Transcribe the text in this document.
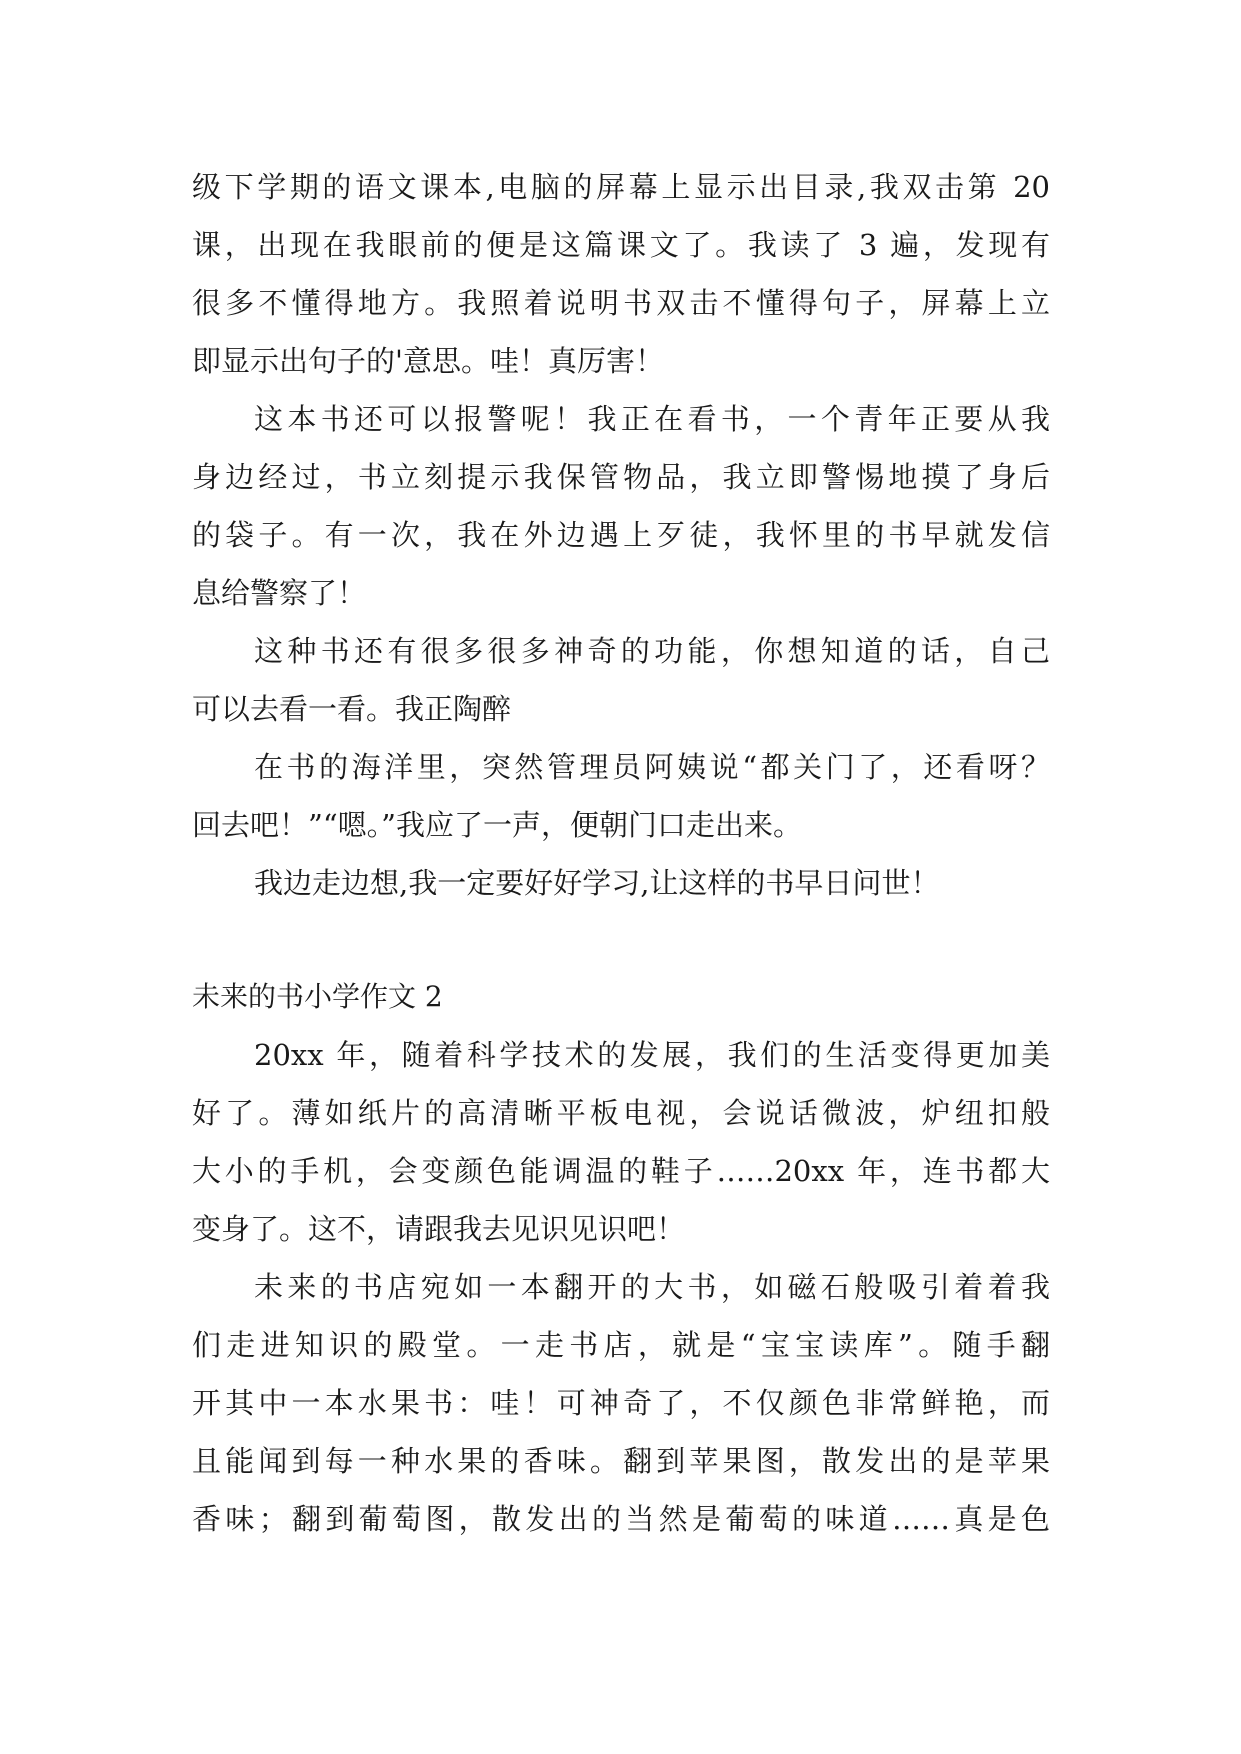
级下学期的语文课本,电脑的屏幕上显示出目录,我双击第 20
课，出现在我眼前的便是这篇课文了。我读了 3 遍，发现有
很多不懂得地方。我照着说明书双击不懂得句子，屏幕上立
即显示出句子的'意思。哇！真厉害！
这本书还可以报警呢！我正在看书，一个青年正要从我
身边经过，书立刻提示我保管物品，我立即警惕地摸了身后
的袋子。有一次，我在外边遇上歹徒，我怀里的书早就发信
息给警察了！
这种书还有很多很多神奇的功能，你想知道的话，自己
可以去看一看。我正陶醉
在书的海洋里，突然管理员阿姨说“都关门了，还看呀？
回去吧！”“嗯。”我应了一声，便朝门口走出来。
我边走边想,我一定要好好学习,让这样的书早日问世！
未来的书小学作文 2
20xx 年，随着科学技术的发展，我们的生活变得更加美
好了。薄如纸片的高清晰平板电视，会说话微波，炉纽扣般
大小的手机，会变颜色能调温的鞋子……20xx 年，连书都大
变身了。这不，请跟我去见识见识吧！
未来的书店宛如一本翻开的大书，如磁石般吸引着着我
们走进知识的殿堂。一走书店，就是“宝宝读库”。随手翻
开其中一本水果书：哇！可神奇了，不仅颜色非常鲜艳，而
且能闻到每一种水果的香味。翻到苹果图，散发出的是苹果
香味；翻到葡萄图，散发出的当然是葡萄的味道……真是色
